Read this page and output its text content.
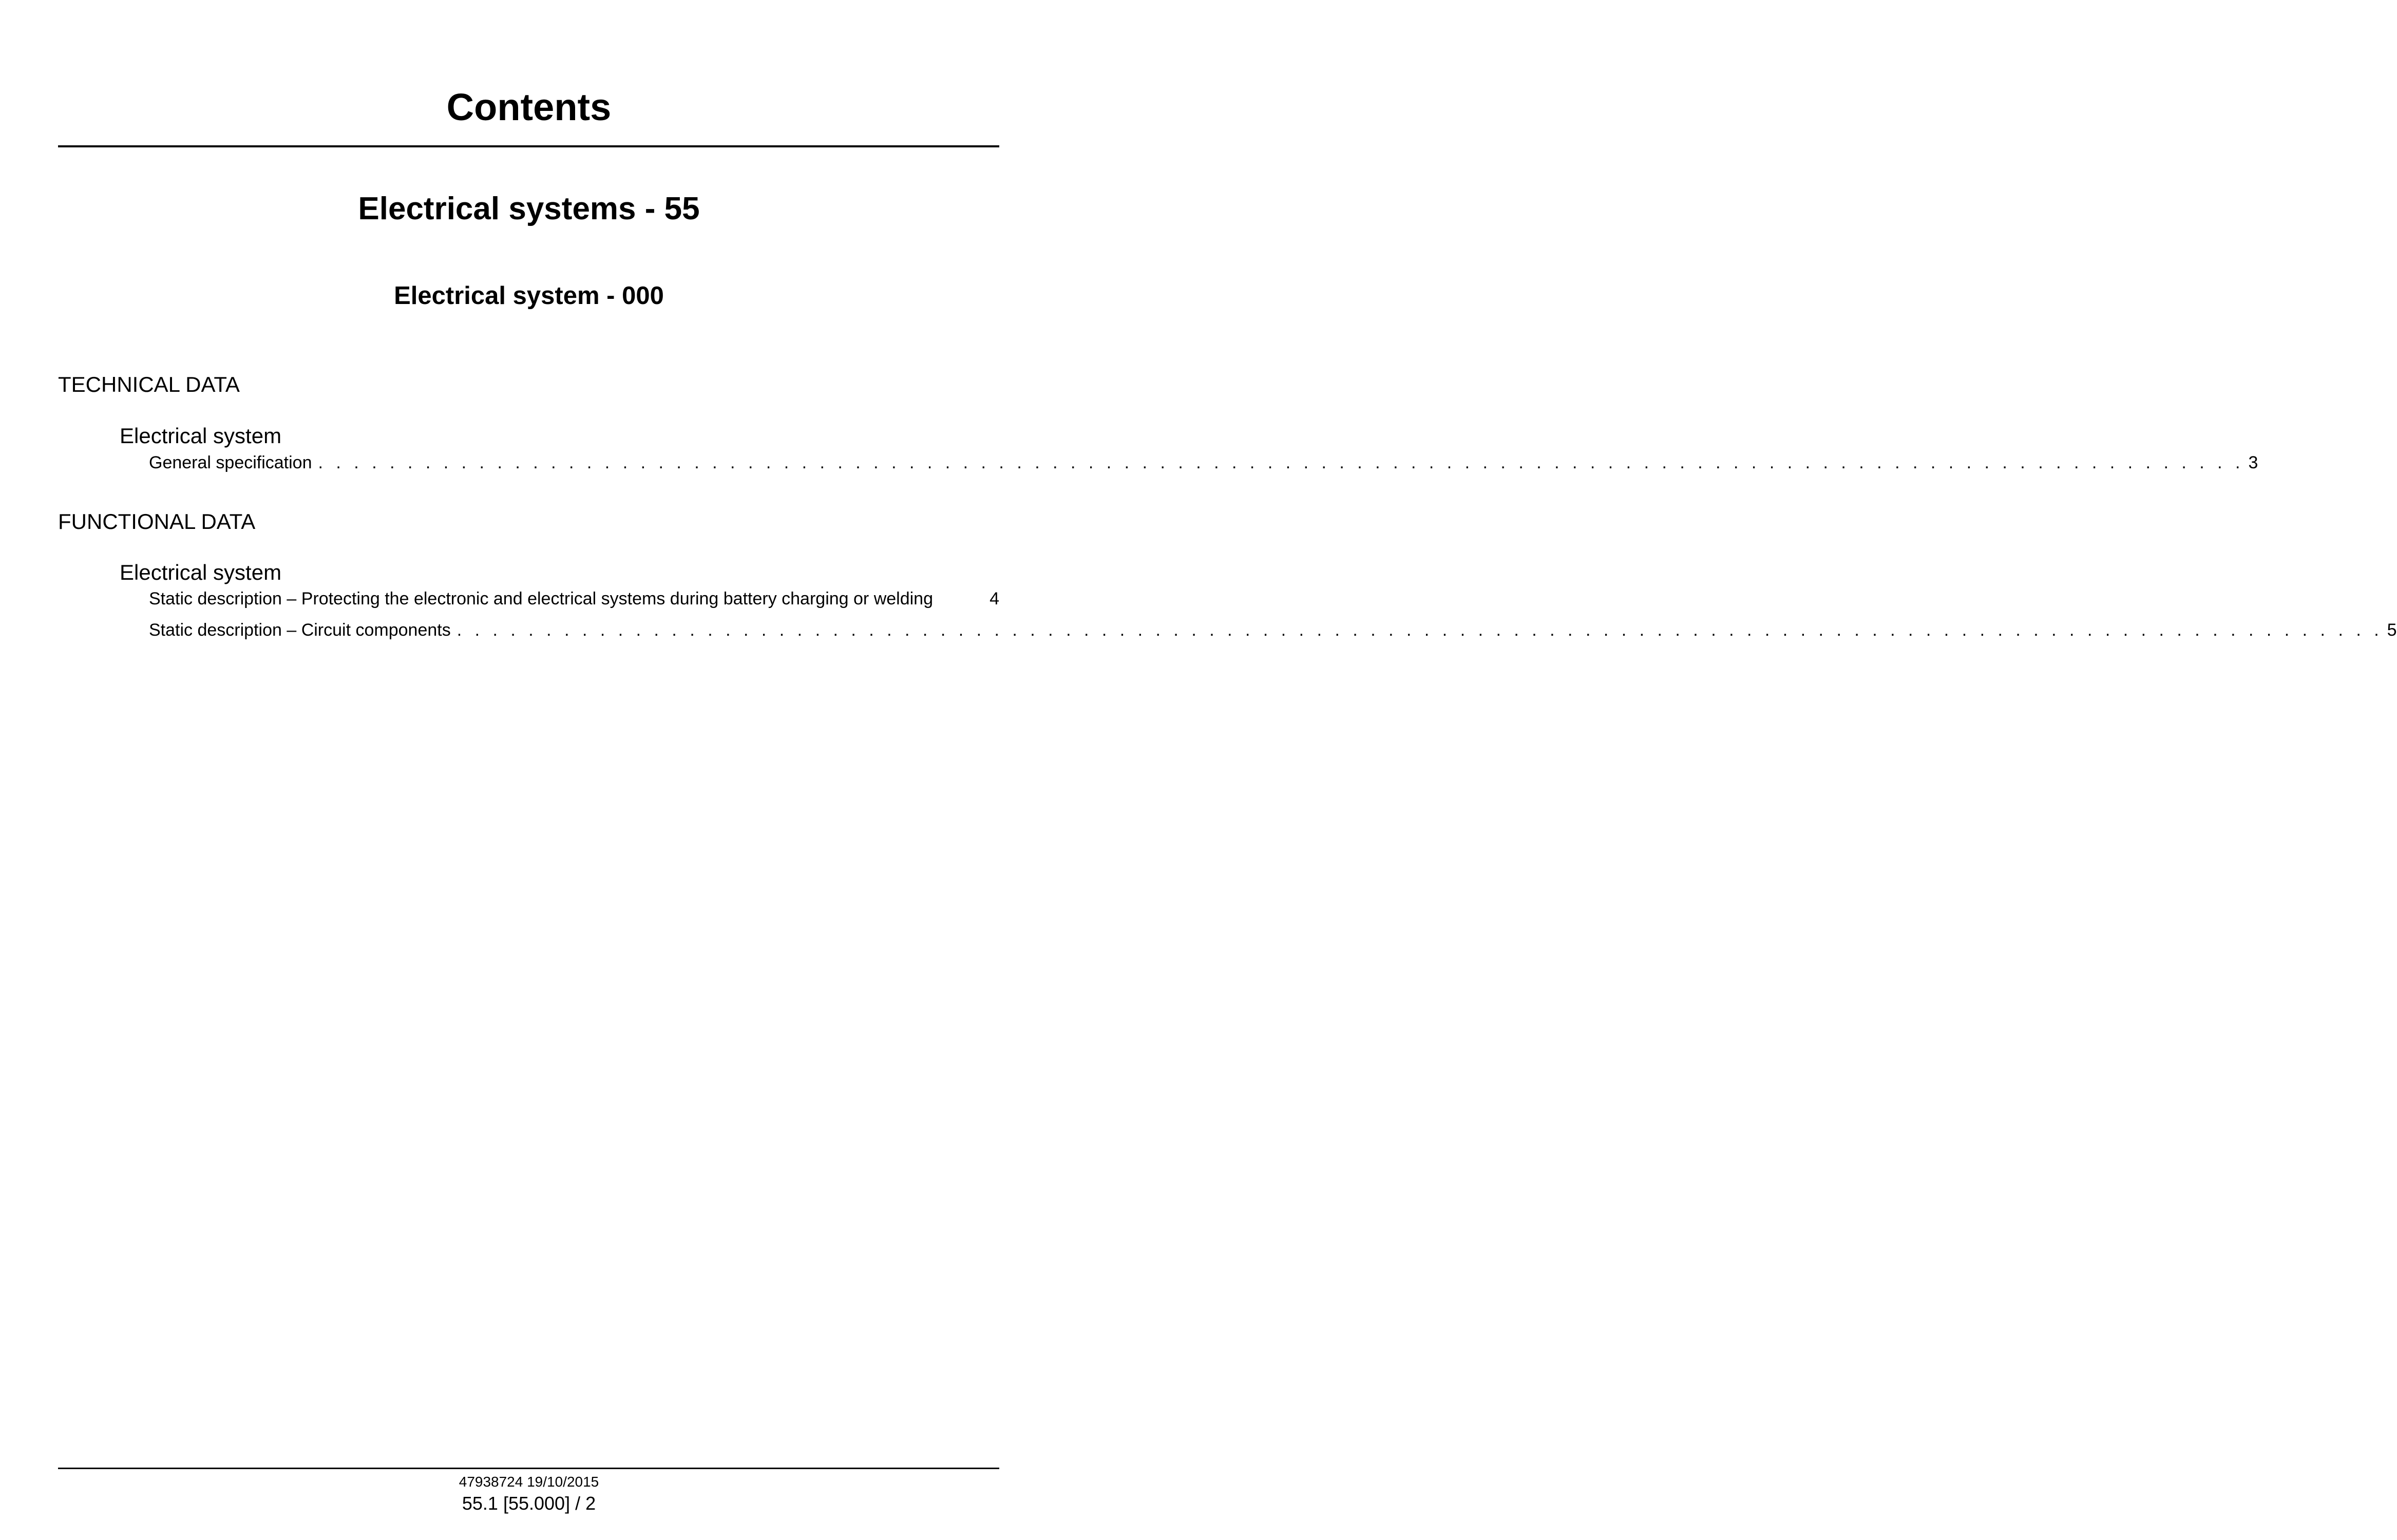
Contents
Electrical systems - 55
Electrical system - 000
TECHNICAL DATA
Electrical system
General specification . . . . . . . . . . . . . . . . . . . . . . . . . . . . . . . . . . . . . . . . . . . . . . . . . . . . . . . . . . . . . . . . . . . . . . . . . . . . . . . . . . . . . . . . . . . . . . . . . . . . . . . . . . . . 3
FUNCTIONAL DATA
Electrical system
Static description – Protecting the electronic and electrical systems during battery charging or welding	4
Static description – Circuit components . . . . . . . . . . . . . . . . . . . . . . . . . . . . . . . . . . . . . . . . . . . . . . . . . . . . . . . . . . . . . . . . . . . . . . . . . . . . . . . . . . . . . . . . . . . . . . . . . . . . . . . . . . . . 5
47938724 19/10/2015
55.1 [55.000] / 2
